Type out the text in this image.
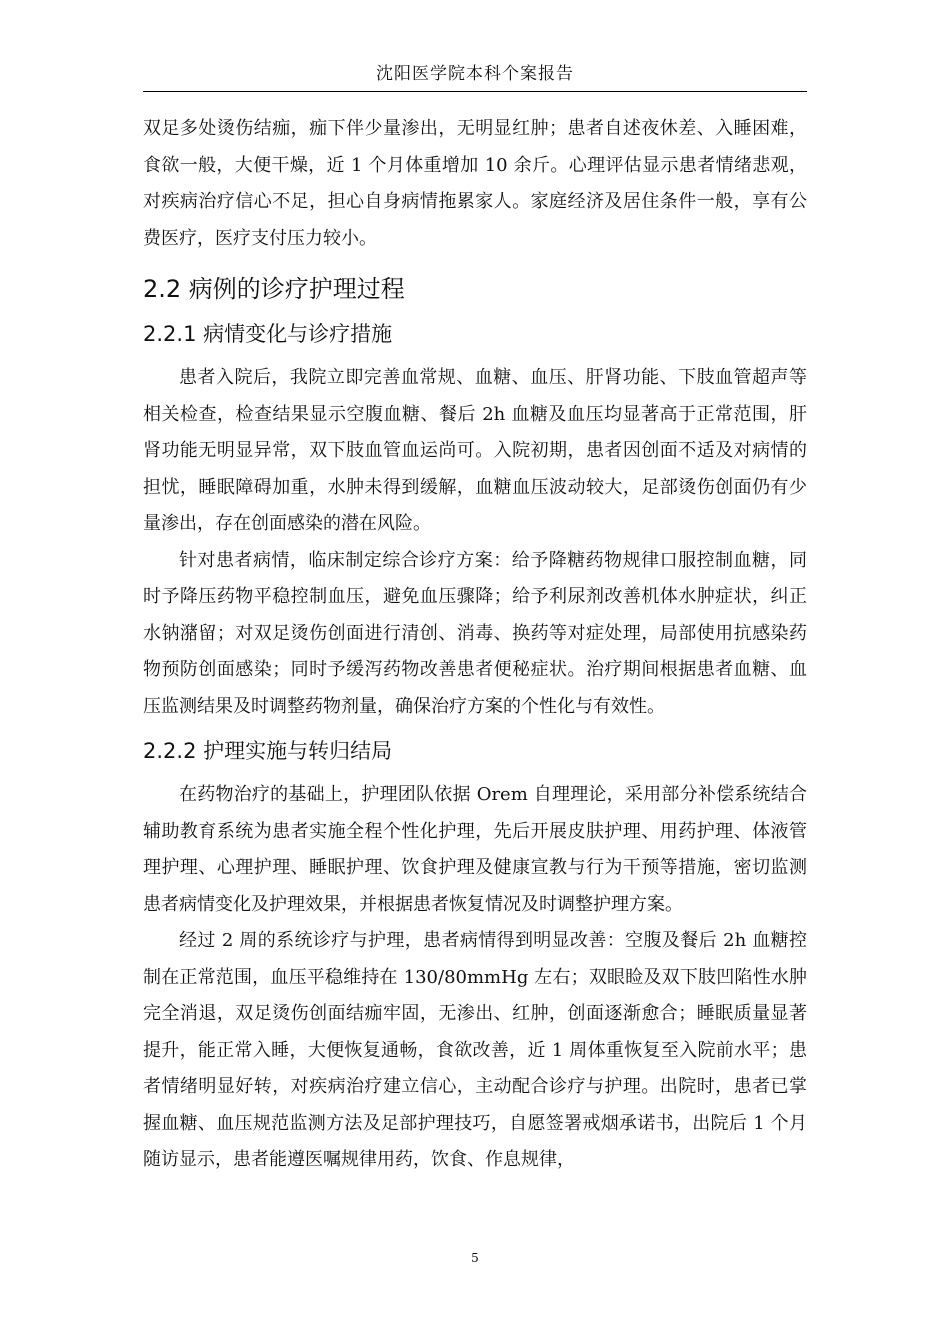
沈阳医学院本科个案报告

双足多处烫伤结痂，痂下伴少量渗出，无明显红肿；患者自述夜休差、入睡困难，食欲一般，大便干燥，近 1 个月体重增加 10 余斤。心理评估显示患者情绪悲观，对疾病治疗信心不足，担心自身病情拖累家人。家庭经济及居住条件一般，享有公费医疗，医疗支付压力较小。

2.2 病例的诊疗护理过程
2.2.1 病情变化与诊疗措施

患者入院后，我院立即完善血常规、血糖、血压、肝肾功能、下肢血管超声等相关检查，检查结果显示空腹血糖、餐后 2h 血糖及血压均显著高于正常范围，肝肾功能无明显异常，双下肢血管血运尚可。入院初期，患者因创面不适及对病情的担忧，睡眠障碍加重，水肿未得到缓解，血糖血压波动较大，足部烫伤创面仍有少量渗出，存在创面感染的潜在风险。

针对患者病情，临床制定综合诊疗方案：给予降糖药物规律口服控制血糖，同时予降压药物平稳控制血压，避免血压骤降；给予利尿剂改善机体水肿症状，纠正水钠潴留；对双足烫伤创面进行清创、消毒、换药等对症处理，局部使用抗感染药物预防创面感染；同时予缓泻药物改善患者便秘症状。治疗期间根据患者血糖、血压监测结果及时调整药物剂量，确保治疗方案的个性化与有效性。

2.2.2 护理实施与转归结局

在药物治疗的基础上，护理团队依据 Orem 自理理论，采用部分补偿系统结合辅助教育系统为患者实施全程个性化护理，先后开展皮肤护理、用药护理、体液管理护理、心理护理、睡眠护理、饮食护理及健康宣教与行为干预等措施，密切监测患者病情变化及护理效果，并根据患者恢复情况及时调整护理方案。

经过 2 周的系统诊疗与护理，患者病情得到明显改善：空腹及餐后 2h 血糖控制在正常范围，血压平稳维持在 130/80mmHg 左右；双眼睑及双下肢凹陷性水肿完全消退，双足烫伤创面结痂牢固，无渗出、红肿，创面逐渐愈合；睡眠质量显著提升，能正常入睡，大便恢复通畅，食欲改善，近 1 周体重恢复至入院前水平；患者情绪明显好转，对疾病治疗建立信心，主动配合诊疗与护理。出院时，患者已掌握血糖、血压规范监测方法及足部护理技巧，自愿签署戒烟承诺书，出院后 1 个月随访显示，患者能遵医嘱规律用药，饮食、作息规律，

5
